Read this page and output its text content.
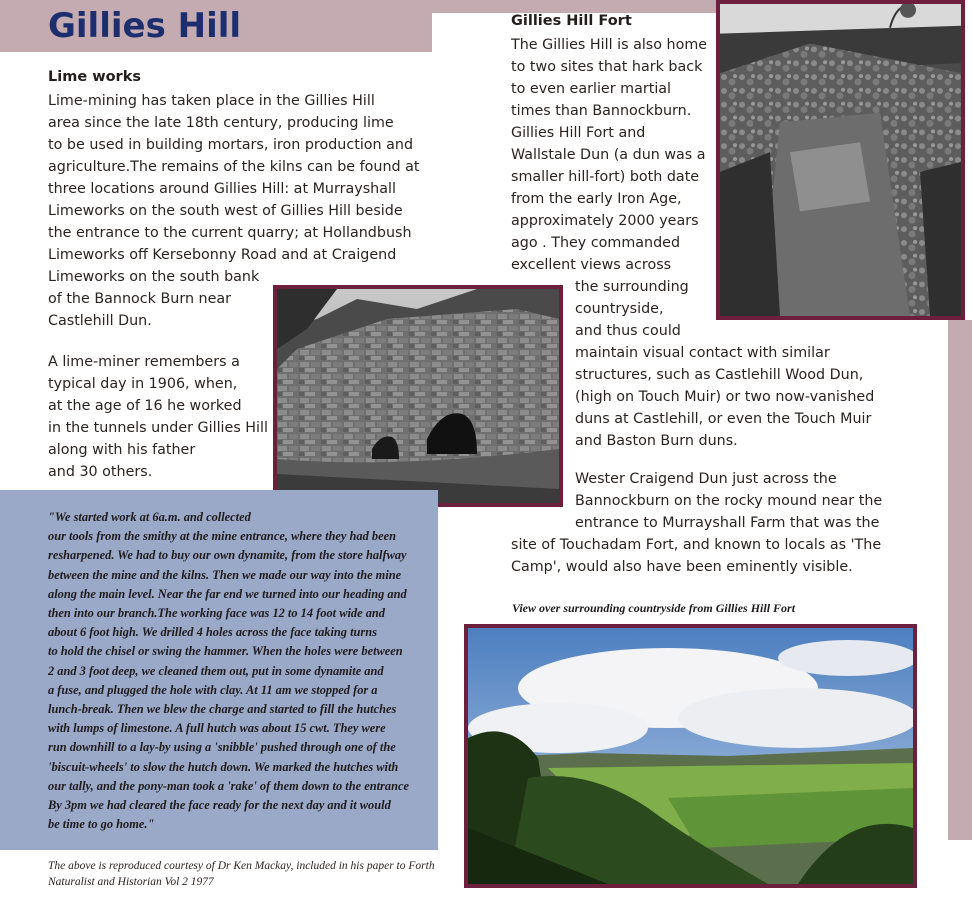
Gillies Hill
Lime works
Lime-mining has taken place in the Gillies Hill
area since the late 18th century, producing lime
to be used in building mortars, iron production and
agriculture.The remains of the kilns can be found at
three locations around Gillies Hill: at Murrayshall
Limeworks on the south west of Gillies Hill beside
the entrance to the current quarry; at Hollandbush
Limeworks off Kersebonny Road and at Craigend
Limeworks on the south bank
of the Bannock Burn near
Castlehill Dun.
A lime-miner remembers a
typical day in 1906, when,
at the age of 16 he worked
in the tunnels under Gillies Hill
along with his father
and 30 others.
"We started work at 6a.m. and collected
our tools from the smithy at the mine entrance, where they had been
resharpened. We had to buy our own dynamite, from the store halfway
between the mine and the kilns. Then we made our way into the mine
along the main level. Near the far end we turned into our heading and
then into our branch.The working face was 12 to 14 foot wide and
about 6 foot high. We drilled 4 holes across the face taking turns
to hold the chisel or swing the hammer. When the holes were between
2 and 3 foot deep, we cleaned them out, put in some dynamite and
a fuse, and plugged the hole with clay. At 11 am we stopped for a
lunch-break. Then we blew the charge and started to fill the hutches
with lumps of limestone. A full hutch was about 15 cwt. They were
run downhill to a lay-by using a 'snibble' pushed through one of the
'biscuit-wheels' to slow the hutch down. We marked the hutches with
our tally, and the pony-man took a 'rake' of them down to the entrance
By 3pm we had cleared the face ready for the next day and it would
be time to go home."
The above is reproduced courtesy of Dr Ken Mackay, included in his paper to Forth
Naturalist and Historian Vol 2 1977
Gillies Hill Fort
The Gillies Hill is also home
to two sites that hark back
to even earlier martial
times than Bannockburn.
Gillies Hill Fort and
Wallstale Dun (a dun was a
smaller hill-fort) both date
from the early Iron Age,
approximately 2000 years
ago . They commanded
excellent views across
the surrounding
countryside,
and thus could
maintain visual contact with similar
structures, such as Castlehill Wood Dun,
(high on Touch Muir) or two now-vanished
duns at Castlehill, or even the Touch Muir
and Baston Burn duns.
Wester Craigend Dun just across the
Bannockburn on the rocky mound near the
entrance to Murrayshall Farm that was the
site of Touchadam Fort, and known to locals as 'The
Camp', would also have been eminently visible.
View over surrounding countryside from Gillies Hill Fort
